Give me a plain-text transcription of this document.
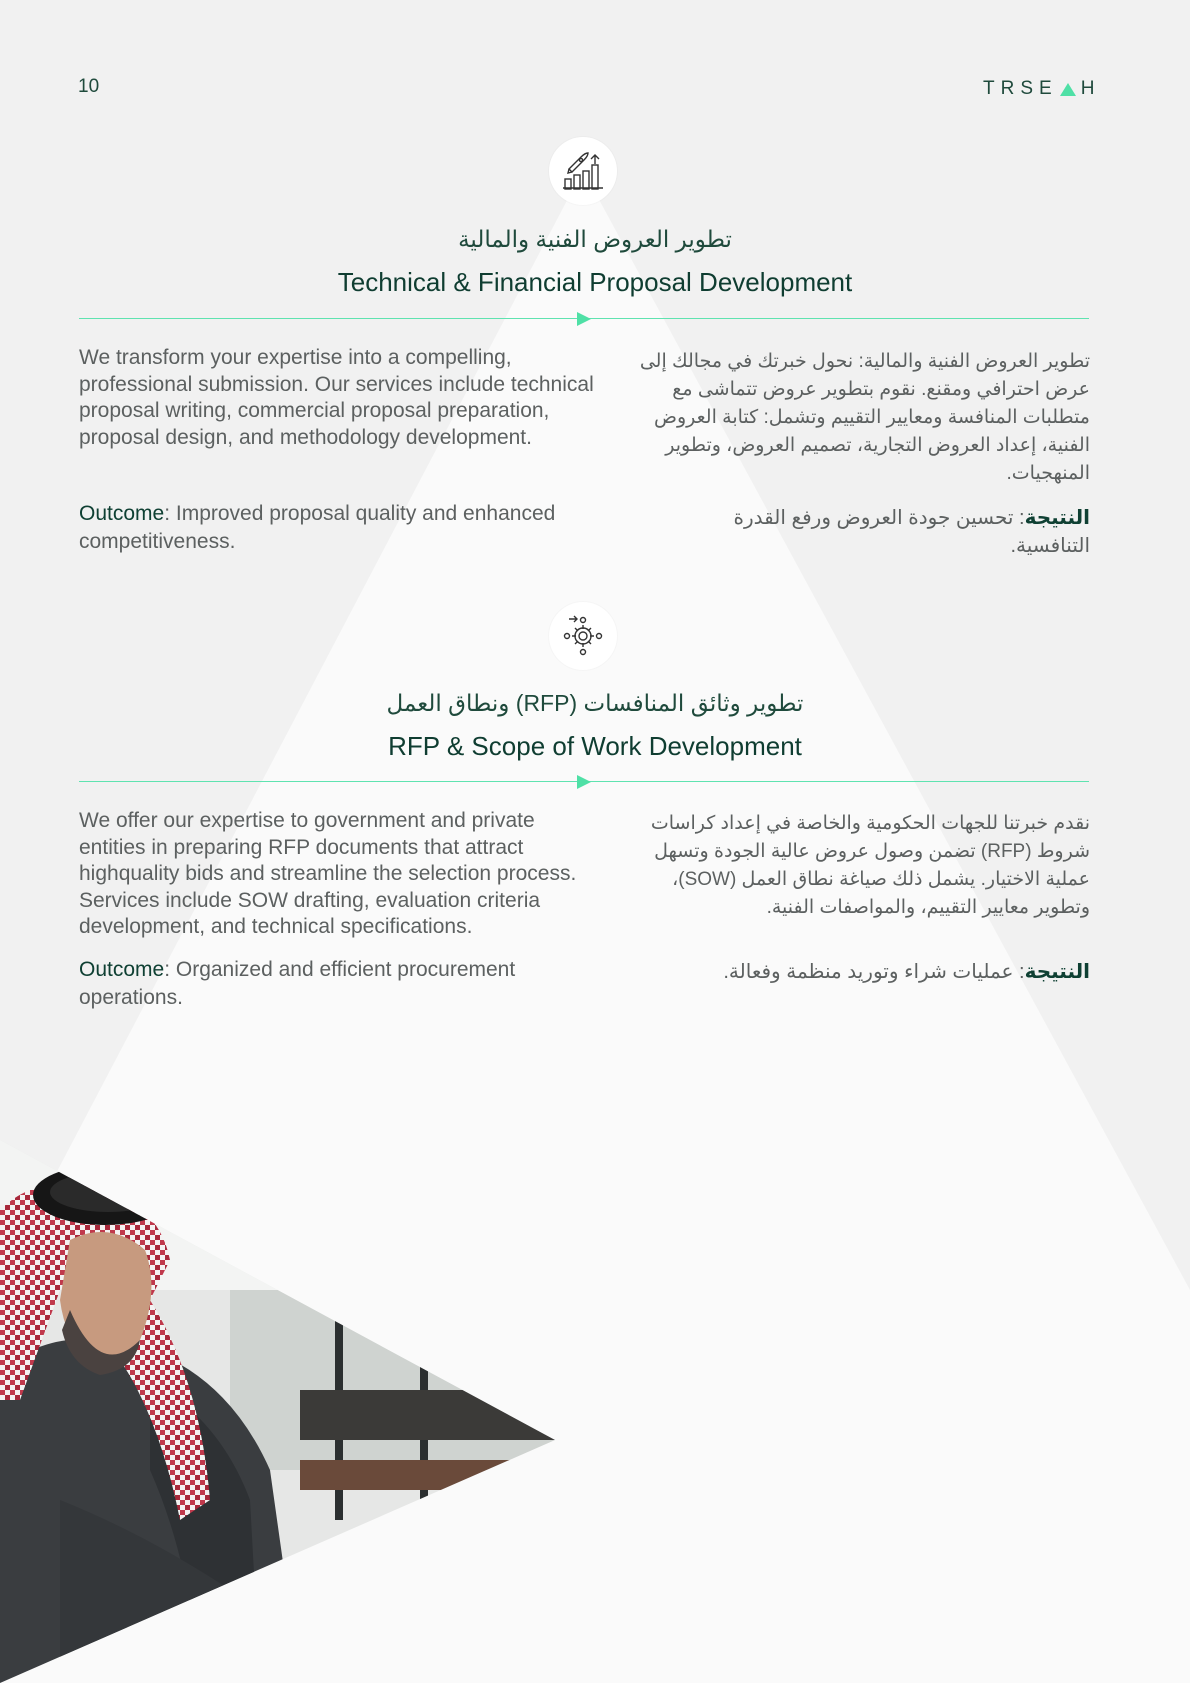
10	TRSE H
تطوير العروض الفنية والمالية
Technical & Financial Proposal Development

We transform your expertise into a compelling, professional submission. Our services include technical proposal writing, commercial proposal preparation, proposal design, and methodology development.

Outcome: Improved proposal quality and enhanced competitiveness.
تطوير العروض الفنية والمالية: نحول خبرتك في مجالك إلى عرض احترافي ومقنع. نقوم بتطوير عروض تتماشى مع متطلبات المنافسة ومعايير التقييم وتشمل: كتابة العروض الفنية، إعداد العروض التجارية، تصميم العروض، وتطوير المنهجيات.
النتيجة: تحسين جودة العروض ورفع القدرة التنافسية.
تطوير وثائق المنافسات (RFP) ونطاق العمل
RFP & Scope of Work Development

We offer our expertise to government and private entities in preparing RFP documents that attract highquality bids and streamline the selection process. Services include SOW drafting, evaluation criteria development, and technical specifications.

Outcome: Organized and efficient procurement operations.
نقدم خبرتنا للجهات الحكومية والخاصة في إعداد كراسات شروط (RFP) تضمن وصول عروض عالية الجودة وتسهل عملية الاختيار. يشمل ذلك صياغة نطاق العمل (SOW)، وتطوير معايير التقييم، والمواصفات الفنية.
النتيجة: عمليات شراء وتوريد منظمة وفعالة.
